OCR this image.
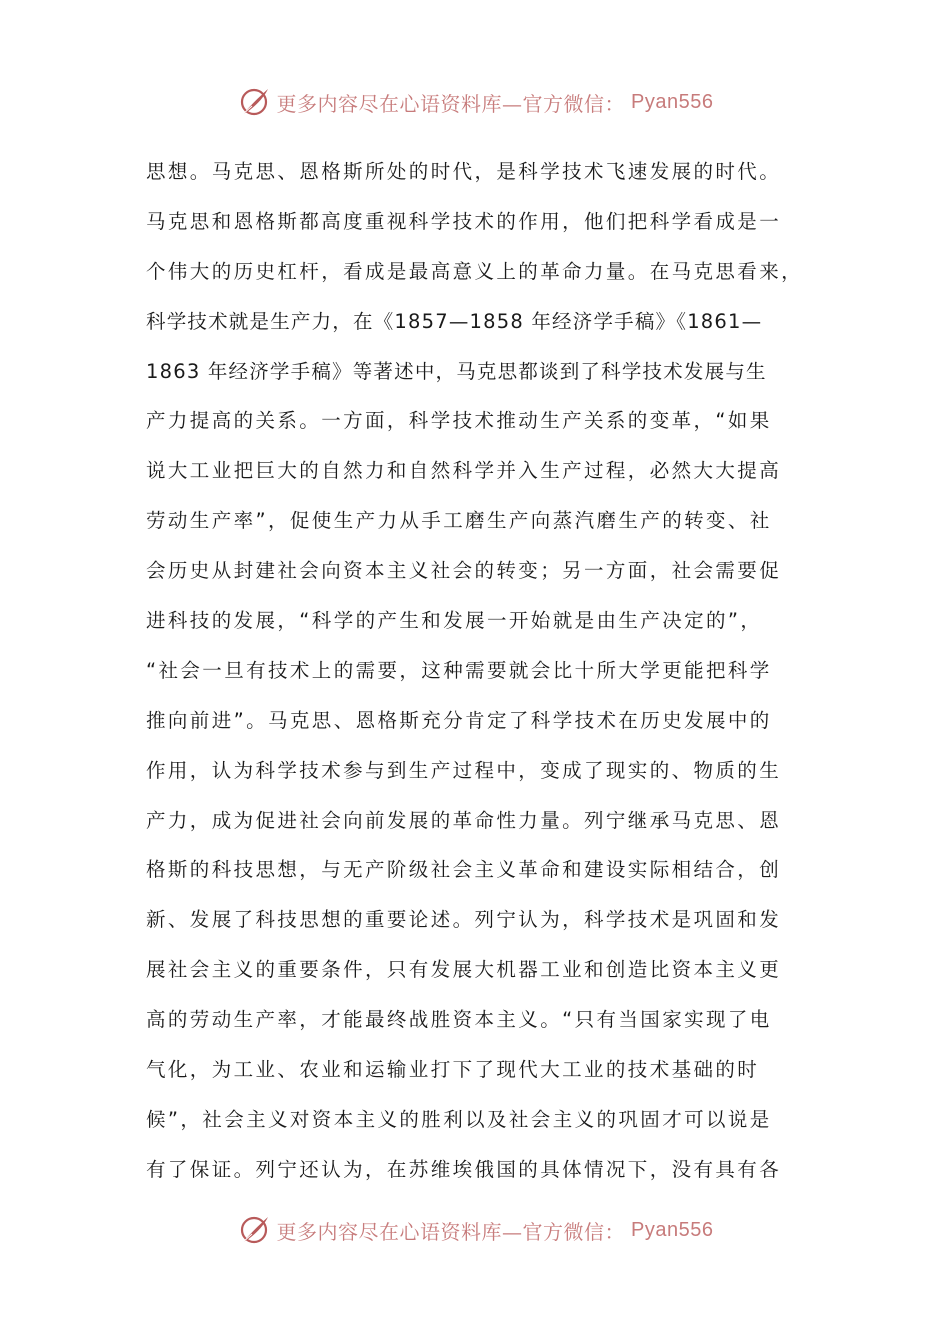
更多内容尽在心语资料库—官方微信： Pyan556
思想。马克思、恩格斯所处的时代，是科学技术飞速发展的时代。
马克思和恩格斯都高度重视科学技术的作用，他们把科学看成是一
个伟大的历史杠杆，看成是最高意义上的革命力量。在马克思看来，
科学技术就是生产力，在《1857—1858 年经济学手稿》《1861—
1863 年经济学手稿》等著述中，马克思都谈到了科学技术发展与生
产力提高的关系。一方面，科学技术推动生产关系的变革，“如果
说大工业把巨大的自然力和自然科学并入生产过程，必然大大提高
劳动生产率”，促使生产力从手工磨生产向蒸汽磨生产的转变、社
会历史从封建社会向资本主义社会的转变；另一方面，社会需要促
进科技的发展，“科学的产生和发展一开始就是由生产决定的”，
“社会一旦有技术上的需要，这种需要就会比十所大学更能把科学
推向前进”。马克思、恩格斯充分肯定了科学技术在历史发展中的
作用，认为科学技术参与到生产过程中，变成了现实的、物质的生
产力，成为促进社会向前发展的革命性力量。列宁继承马克思、恩
格斯的科技思想，与无产阶级社会主义革命和建设实际相结合，创
新、发展了科技思想的重要论述。列宁认为，科学技术是巩固和发
展社会主义的重要条件，只有发展大机器工业和创造比资本主义更
高的劳动生产率，才能最终战胜资本主义。“只有当国家实现了电
气化，为工业、农业和运输业打下了现代大工业的技术基础的时
候”，社会主义对资本主义的胜利以及社会主义的巩固才可以说是
有了保证。列宁还认为，在苏维埃俄国的具体情况下，没有具有各
更多内容尽在心语资料库—官方微信： Pyan556
